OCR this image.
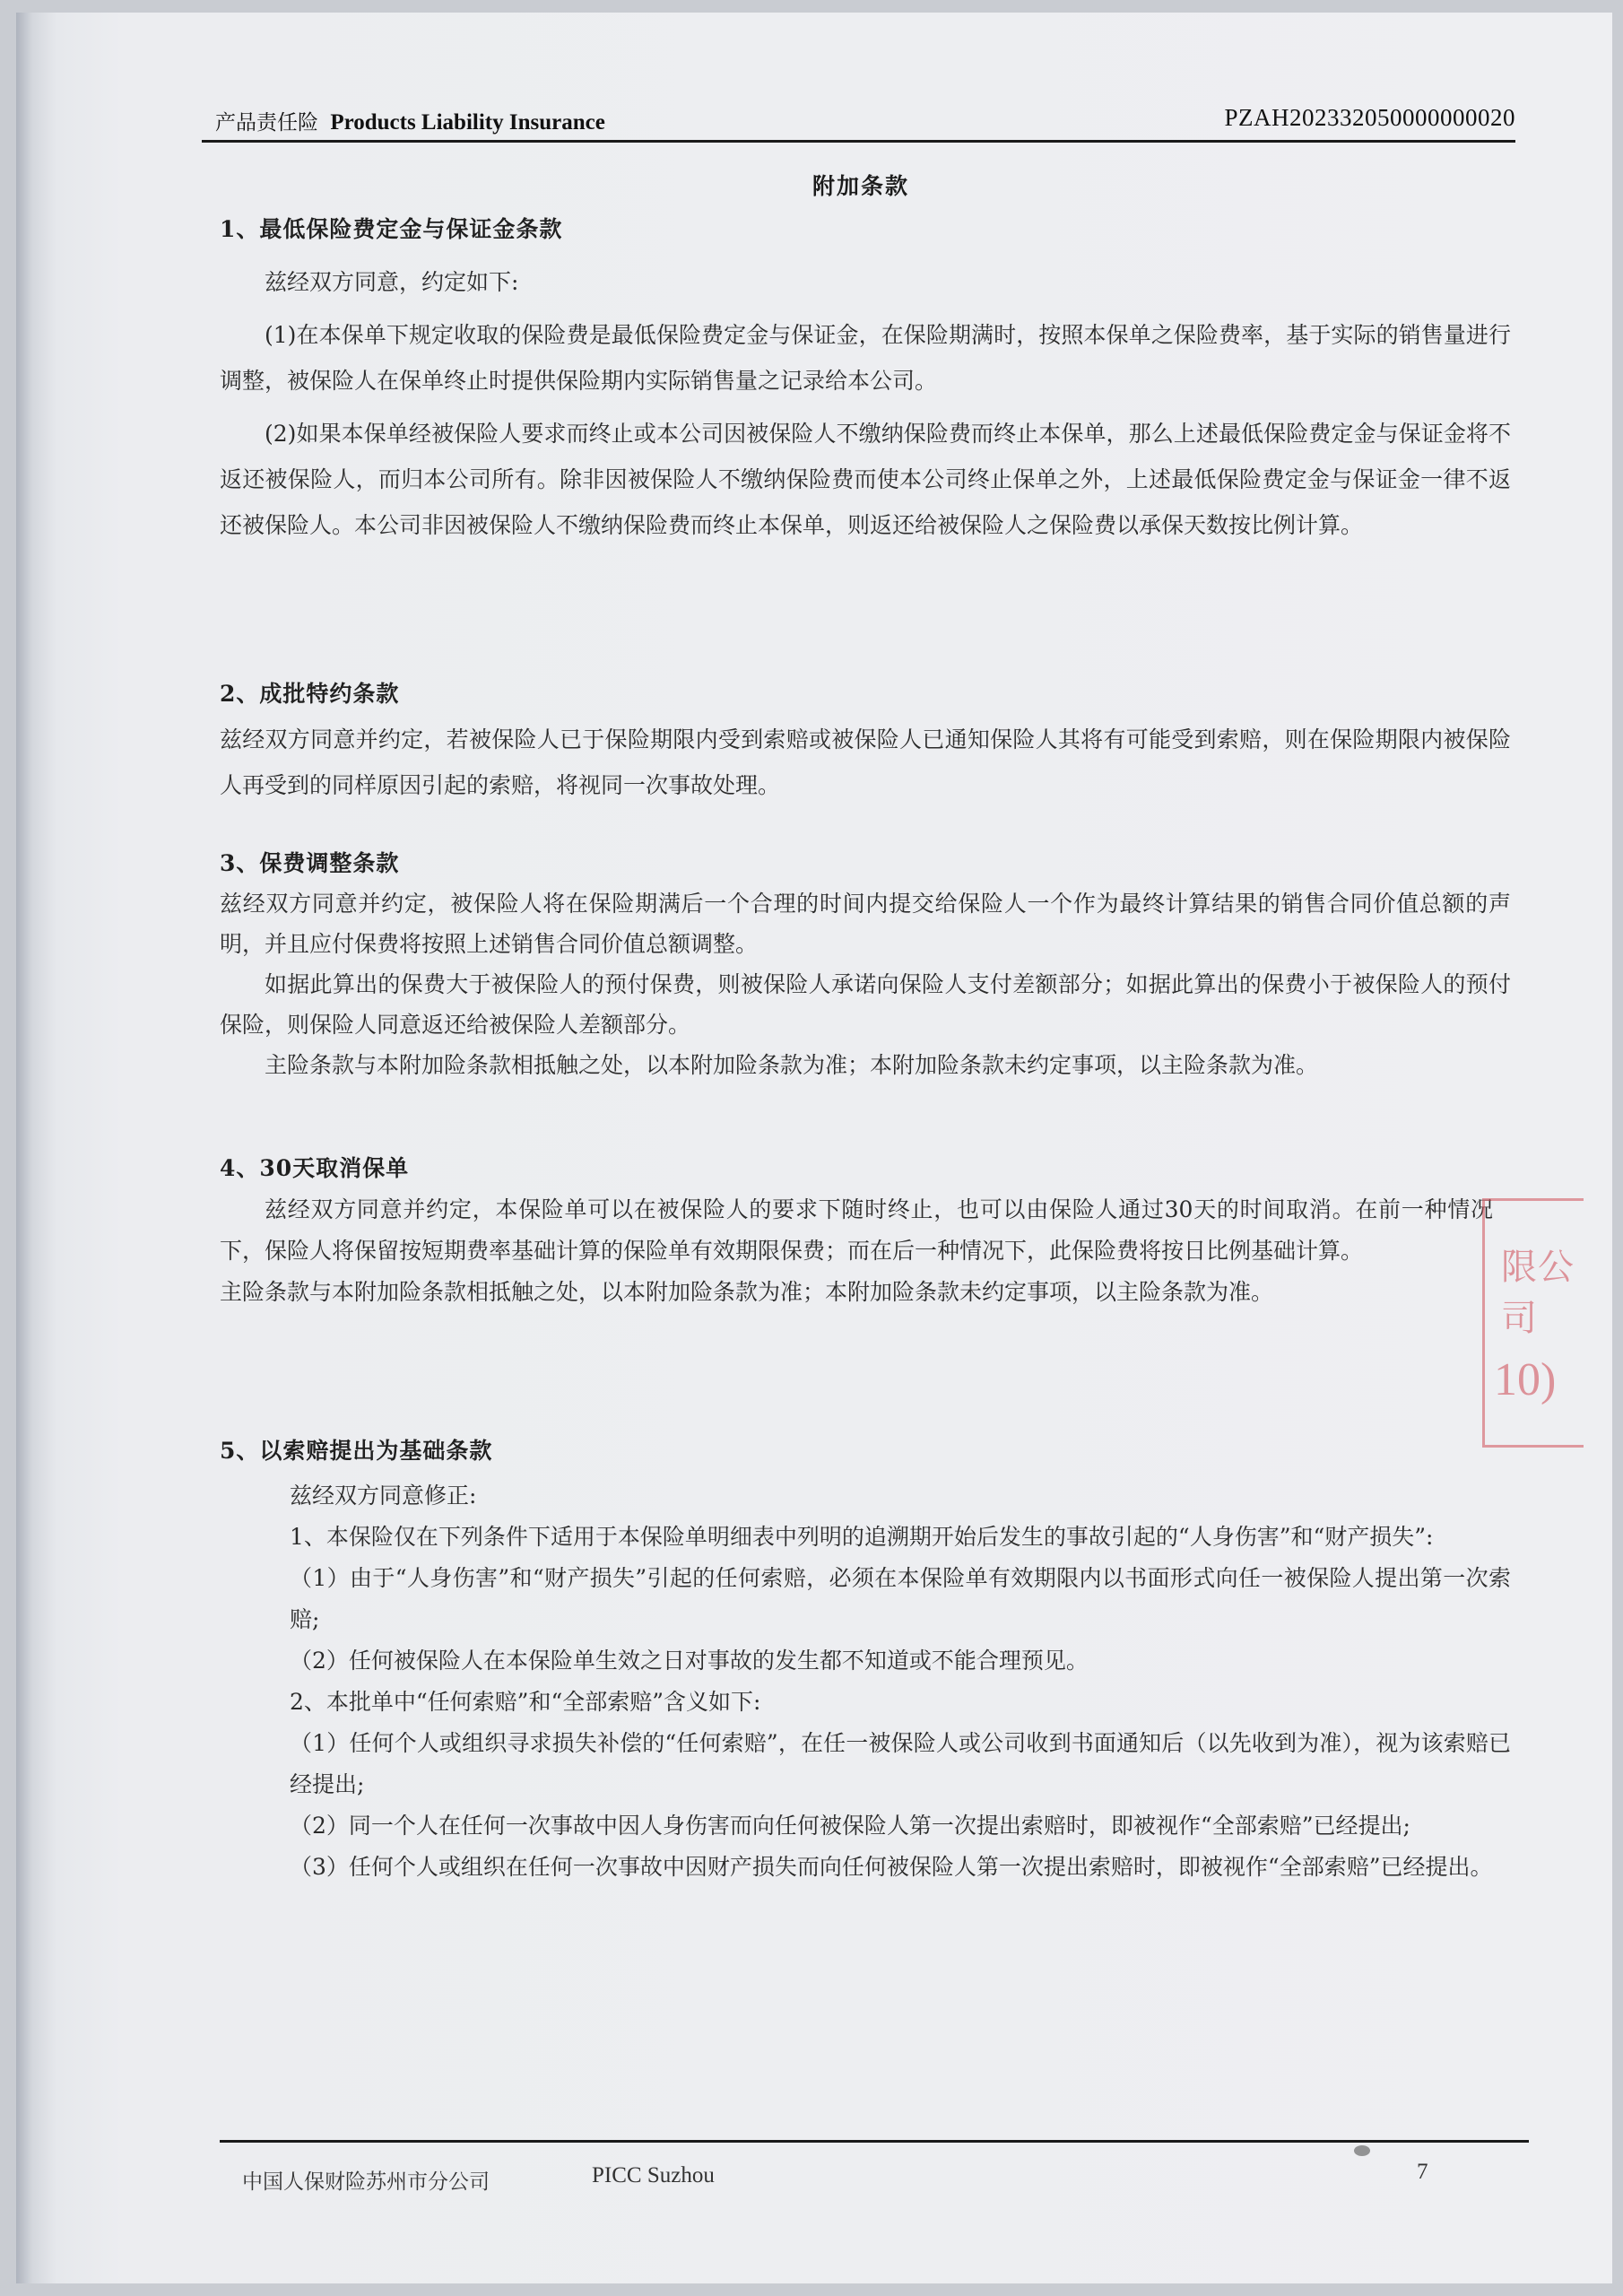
产品责任险 Products Liability Insurance	PZAH202332050000000020
附加条款

1、最低保险费定金与保证金条款

兹经双方同意，约定如下:

(1)在本保单下规定收取的保险费是最低保险费定金与保证金，在保险期满时，按照本保单之保险费率，基于实际的销售量进行调整，被保险人在保单终止时提供保险期内实际销售量之记录给本公司。

(2)如果本保单经被保险人要求而终止或本公司因被保险人不缴纳保险费而终止本保单，那么上述最低保险费定金与保证金将不返还被保险人，而归本公司所有。除非因被保险人不缴纳保险费而使本公司终止保单之外，上述最低保险费定金与保证金一律不返还被保险人。本公司非因被保险人不缴纳保险费而终止本保单，则返还给被保险人之保险费以承保天数按比例计算。

2、成批特约条款

兹经双方同意并约定，若被保险人已于保险期限内受到索赔或被保险人已通知保险人其将有可能受到索赔，则在保险期限内被保险人再受到的同样原因引起的索赔，将视同一次事故处理。

3、保费调整条款

兹经双方同意并约定，被保险人将在保险期满后一个合理的时间内提交给保险人一个作为最终计算结果的销售合同价值总额的声明，并且应付保费将按照上述销售合同价值总额调整。

如据此算出的保费大于被保险人的预付保费，则被保险人承诺向保险人支付差额部分；如据此算出的保费小于被保险人的预付保险，则保险人同意返还给被保险人差额部分。

主险条款与本附加险条款相抵触之处，以本附加险条款为准；本附加险条款未约定事项，以主险条款为准。

4、30天取消保单

兹经双方同意并约定，本保险单可以在被保险人的要求下随时终止，也可以由保险人通过30天的时间取消。在前一种情况下，保险人将保留按短期费率基础计算的保险单有效期限保费；而在后一种情况下，此保险费将按日比例基础计算。

主险条款与本附加险条款相抵触之处，以本附加险条款为准；本附加险条款未约定事项，以主险条款为准。

5、以索赔提出为基础条款

兹经双方同意修正:

1、本保险仅在下列条件下适用于本保险单明细表中列明的追溯期开始后发生的事故引起的“人身伤害”和“财产损失”:

（1）由于“人身伤害”和“财产损失”引起的任何索赔，必须在本保险单有效期限内以书面形式向任一被保险人提出第一次索赔;

（2）任何被保险人在本保险单生效之日对事故的发生都不知道或不能合理预见。

2、本批单中“任何索赔”和“全部索赔”含义如下:

（1）任何个人或组织寻求损失补偿的“任何索赔”，在任一被保险人或公司收到书面通知后（以先收到为准），视为该索赔已经提出;

（2）同一个人在任何一次事故中因人身伤害而向任何被保险人第一次提出索赔时，即被视作“全部索赔”已经提出;

（3）任何个人或组织在任何一次事故中因财产损失而向任何被保险人第一次提出索赔时，即被视作“全部索赔”已经提出。

限公司
10)
中国人保财险苏州市分公司	PICC Suzhou	7
